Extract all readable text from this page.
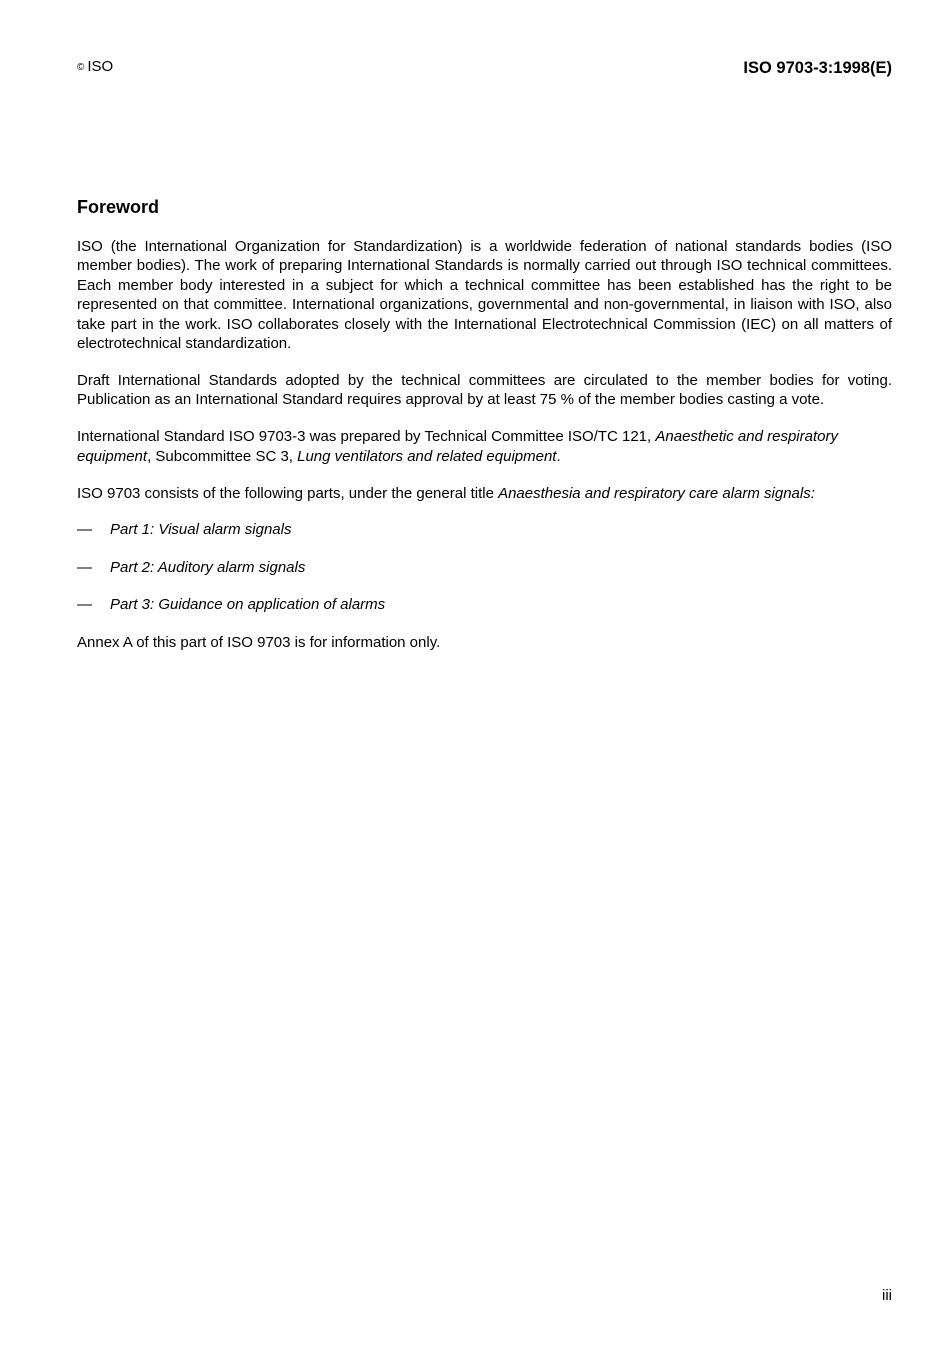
© ISO	ISO 9703-3:1998(E)
Foreword

ISO (the International Organization for Standardization) is a worldwide federation of national standards bodies (ISO member bodies). The work of preparing International Standards is normally carried out through ISO technical committees. Each member body interested in a subject for which a technical committee has been established has the right to be represented on that committee. International organizations, governmental and non-governmental, in liaison with ISO, also take part in the work. ISO collaborates closely with the International Electrotechnical Commission (IEC) on all matters of electrotechnical standardization.

Draft International Standards adopted by the technical committees are circulated to the member bodies for voting. Publication as an International Standard requires approval by at least 75 % of the member bodies casting a vote.

International Standard ISO 9703-3 was prepared by Technical Committee ISO/TC 121, Anaesthetic and respiratory equipment, Subcommittee SC 3, Lung ventilators and related equipment.

ISO 9703 consists of the following parts, under the general title Anaesthesia and respiratory care alarm signals:

—	Part 1: Visual alarm signals
—	Part 2: Auditory alarm signals
—	Part 3: Guidance on application of alarms

Annex A of this part of ISO 9703 is for information only.

iii
